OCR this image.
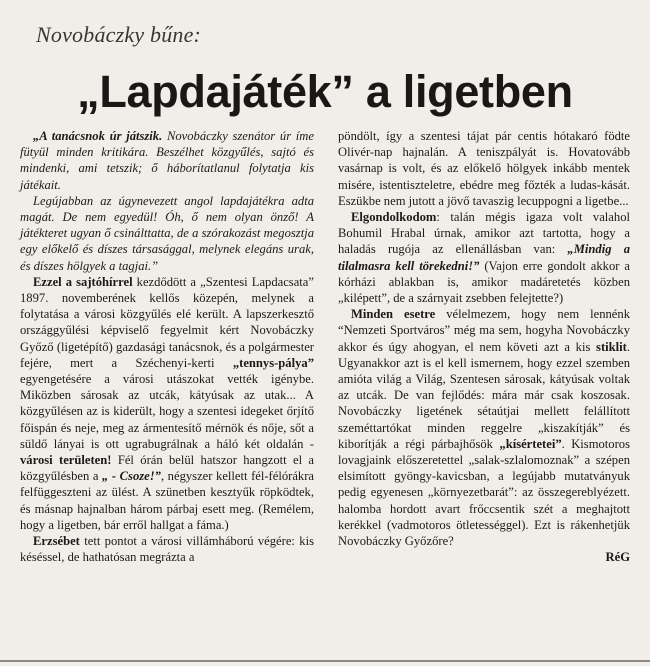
Novobáczky bűne:
„Lapdajáték” a ligetben

„A tanácsnok úr játszik. Novobáczky szenátor úr íme fütyül minden kritikára. Beszélhet közgyűlés, sajtó és mindenki, ami tetszik; ő háborítatlanul folytatja kis játékait.

Legújabban az úgynevezett angol lapdajátékra adta magát. De nem egyedül! Óh, ő nem olyan önző! A játékteret ugyan ő csinálttatta, de a szórakozást megosztja egy előkelő és díszes társasággal, melynek elegáns urak, és díszes hölgyek a tagjai.”

Ezzel a sajtóhírrel kezdődött a „Szentesi Lapdacsata” 1897. novemberének kellős közepén, melynek a folytatása a városi közgyűlés elé került. A lapszerkesztő országgyűlési képviselő fegyelmit kért Novobáczky Győző (ligetépítő) gazdasági tanácsnok, és a polgármester fejére, mert a Széchenyi-kerti „tennys-pálya” egyengetésére a városi utászokat vették igénybe. Miközben sárosak az utcák, kátyúsak az utak... A közgyűlésen az is kiderült, hogy a szentesi idegeket őrjítő főispán és neje, meg az ármentesítő mérnök és nője, sőt a süldő lányai is ott ugrabugrálnak a háló két oldalán - városi területen! Fél órán belül hatszor hangzott el a közgyűlésben a „ - Csoze!”, négyszer kellett fél-félórákra felfüggeszteni az ülést. A szünetben kesztyűk röpködtek, és másnap hajnalban három párbaj esett meg. (Remélem, hogy a ligetben, bár erről hallgat a fáma.)

Erzsébet tett pontot a városi villámháború végére: kis késéssel, de hathatósan megrázta a

pöndölt, így a szentesi tájat pár centis hótakaró födte Olivér-nap hajnalán. A teniszpályát is. Hovatovább vasárnap is volt, és az előkelő hölgyek inkább mentek misére, istentiszteletre, ebédre meg főzték a ludas-kását. Eszükbe nem jutott a jövő tavaszig lecuppogni a ligetbe...

Elgondolkodom: talán mégis igaza volt valahol Bohumil Hrabal úrnak, amikor azt tartotta, hogy a haladás rugója az ellenállásban van: „Mindig a tilalmasra kell törekedni!” (Vajon erre gondolt akkor a kórházi ablakban is, amikor madáretetés közben „kilépett”, de a szárnyait zsebben felejtette?)

Minden esetre vélelmezem, hogy nem lennénk “Nemzeti Sportváros” még ma sem, hogyha Novobáczky akkor és úgy ahogyan, el nem követi azt a kis stiklit. Ugyanakkor azt is el kell ismernem, hogy ezzel szemben amióta világ a Világ, Szentesen sárosak, kátyúsak voltak az utcák. De van fejlődés: mára már csak koszosak. Novobáczky ligetének sétaútjai mellett felállított szeméttartókat minden reggelre „kiszakítják” és kiborítják a régi párbajhősök „kísértetei”. Kismotoros lovagjaink előszeretettel „salak-szlalomoznak” a szépen elsimított gyöngy-kavicsban, a legújabb mutatványuk pedig egyenesen „környezetbarát”: az összegereblyézett. halomba hordott avart frőccsentik szét a meghajtott kerékkel (vadmotoros ötletességgel). Ezt is rákenhetjük Novobáczky Győzőre?

RéG
